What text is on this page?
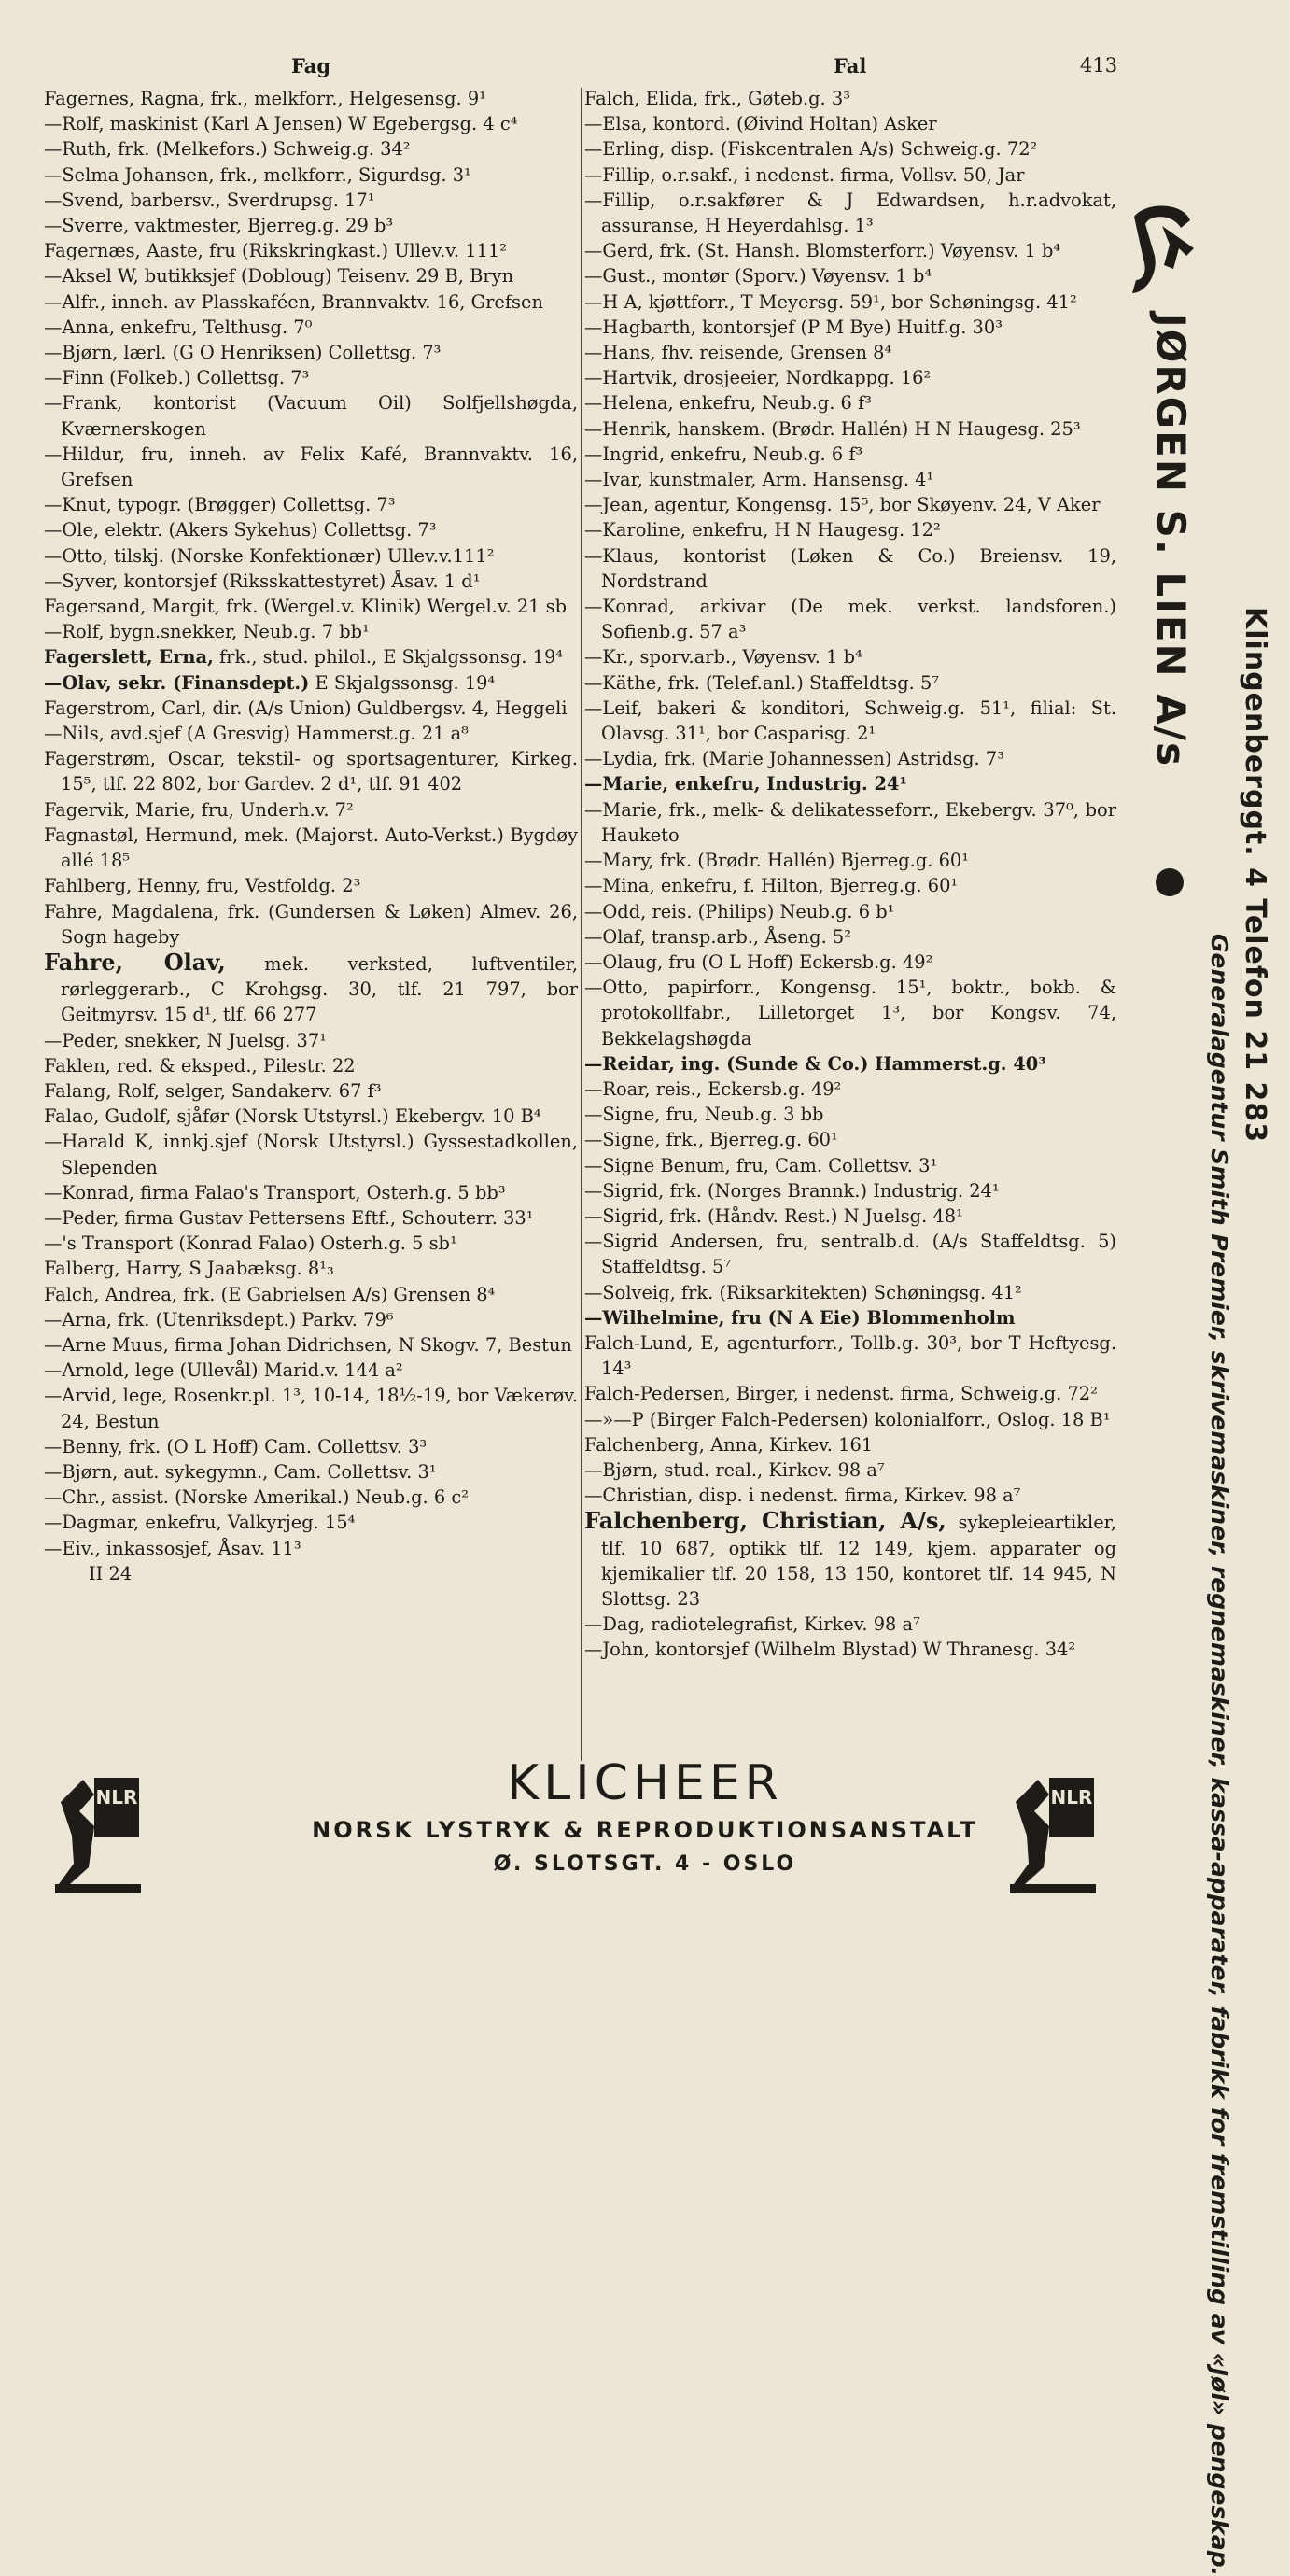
Fag	Fal	413
Fagernes, Ragna, frk., melkforr., Helgesensg. 9¹
—Rolf, maskinist (Karl A Jensen) W Egebergsg. 4 c⁴
—Ruth, frk. (Melkefors.) Schweig.g. 34²
—Selma Johansen, frk., melkforr., Sigurdsg. 3¹
—Svend, barbersv., Sverdrupsg. 17¹
—Sverre, vaktmester, Bjerreg.g. 29 b³
Fagernæs, Aaste, fru (Rikskringkast.) Ullev.v. 111²
—Aksel W, butikksjef (Dobloug) Teisenv. 29 B, Bryn
—Alfr., inneh. av Plasskaféen, Brannvaktv. 16, Grefsen
—Anna, enkefru, Telthusg. 7⁰
—Bjørn, lærl. (G O Henriksen) Collettsg. 7³
—Finn (Folkeb.) Collettsg. 7³
—Frank, kontorist (Vacuum Oil) Solfjellshøgda, Kværnerskogen
—Hildur, fru, inneh. av Felix Kafé, Brannvaktv. 16, Grefsen
—Knut, typogr. (Brøgger) Collettsg. 7³
—Ole, elektr. (Akers Sykehus) Collettsg. 7³
—Otto, tilskj. (Norske Konfektionær) Ullev.v.111²
—Syver, kontorsjef (Riksskattestyret) Åsav. 1 d¹
Fagersand, Margit, frk. (Wergel.v. Klinik) Wergel.v. 21 sb
—Rolf, bygn.snekker, Neub.g. 7 bb¹
Fagerslett, Erna, frk., stud. philol., E Skjalgssonsg. 19⁴
—Olav, sekr. (Finansdept.) E Skjalgssonsg. 19⁴
Fagerstrom, Carl, dir. (A/s Union) Guldbergsv. 4, Heggeli
—Nils, avd.sjef (A Gresvig) Hammerst.g. 21 a⁸
Fagerstrøm, Oscar, tekstil- og sportsagenturer, Kirkeg. 15⁵, tlf. 22 802, bor Gardev. 2 d¹, tlf. 91 402
Fagervik, Marie, fru, Underh.v. 7²
Fagnastøl, Hermund, mek. (Majorst. Auto-Verkst.) Bygdøy allé 18⁵
Fahlberg, Henny, fru, Vestfoldg. 2³
Fahre, Magdalena, frk. (Gundersen & Løken) Almev. 26, Sogn hageby
Fahre, Olav, mek. verksted, luftventiler, rørleggerarb., C Krohgsg. 30, tlf. 21 797, bor Geitmyrsv. 15 d¹, tlf. 66 277
—Peder, snekker, N Juelsg. 37¹
Faklen, red. & eksped., Pilestr. 22
Falang, Rolf, selger, Sandakerv. 67 f³
Falao, Gudolf, sjåfør (Norsk Utstyrsl.) Ekebergv. 10 B⁴
—Harald K, innkj.sjef (Norsk Utstyrsl.) Gyssestadkollen, Slependen
—Konrad, firma Falao's Transport, Osterh.g. 5 bb³
—Peder, firma Gustav Pettersens Eftf., Schouterr. 33¹
—'s Transport (Konrad Falao) Osterh.g. 5 sb¹
Falberg, Harry, S Jaabæksg. 8¹₃
Falch, Andrea, frk. (E Gabrielsen A/s) Grensen 8⁴
—Arna, frk. (Utenriksdept.) Parkv. 79⁶
—Arne Muus, firma Johan Didrichsen, N Skogv. 7, Bestun
—Arnold, lege (Ullevål) Marid.v. 144 a²
—Arvid, lege, Rosenkr.pl. 1³, 10-14, 18½-19, bor Vækerøv. 24, Bestun
—Benny, frk. (O L Hoff) Cam. Collettsv. 3³
—Bjørn, aut. sykegymn., Cam. Collettsv. 3¹
—Chr., assist. (Norske Amerikal.) Neub.g. 6 c²
—Dagmar, enkefru, Valkyrjeg. 15⁴
—Eiv., inkassosjef, Åsav. 11³
II 24
Falch, Elida, frk., Gøteb.g. 3³
—Elsa, kontord. (Øivind Holtan) Asker
—Erling, disp. (Fiskcentralen A/s) Schweig.g. 72²
—Fillip, o.r.sakf., i nedenst. firma, Vollsv. 50, Jar
—Fillip, o.r.sakfører & J Edwardsen, h.r.advokat, assuranse, H Heyerdahlsg. 1³
—Gerd, frk. (St. Hansh. Blomsterforr.) Vøyensv. 1 b⁴
—Gust., montør (Sporv.) Vøyensv. 1 b⁴
—H A, kjøttforr., T Meyersg. 59¹, bor Schøningsg. 41²
—Hagbarth, kontorsjef (P M Bye) Huitf.g. 30³
—Hans, fhv. reisende, Grensen 8⁴
—Hartvik, drosjeeier, Nordkappg. 16²
—Helena, enkefru, Neub.g. 6 f³
—Henrik, hanskem. (Brødr. Hallén) H N Haugesg. 25³
—Ingrid, enkefru, Neub.g. 6 f³
—Ivar, kunstmaler, Arm. Hansensg. 4¹
—Jean, agentur, Kongensg. 15⁵, bor Skøyenv. 24, V Aker
—Karoline, enkefru, H N Haugesg. 12²
—Klaus, kontorist (Løken & Co.) Breiensv. 19, Nordstrand
—Konrad, arkivar (De mek. verkst. landsforen.) Sofienb.g. 57 a³
—Kr., sporv.arb., Vøyensv. 1 b⁴
—Käthe, frk. (Telef.anl.) Staffeldtsg. 5⁷
—Leif, bakeri & konditori, Schweig.g. 51¹, filial: St. Olavsg. 31¹, bor Casparisg. 2¹
—Lydia, frk. (Marie Johannessen) Astridsg. 7³
—Marie, enkefru, Industrig. 24¹
—Marie, frk., melk- & delikatesseforr., Ekebergv. 37⁰, bor Hauketo
—Mary, frk. (Brødr. Hallén) Bjerreg.g. 60¹
—Mina, enkefru, f. Hilton, Bjerreg.g. 60¹
—Odd, reis. (Philips) Neub.g. 6 b¹
—Olaf, transp.arb., Åseng. 5²
—Olaug, fru (O L Hoff) Eckersb.g. 49²
—Otto, papirforr., Kongensg. 15¹, boktr., bokb. & protokollfabr., Lilletorget 1³, bor Kongsv. 74, Bekkelagshøgda
—Reidar, ing. (Sunde & Co.) Hammerst.g. 40³
—Roar, reis., Eckersb.g. 49²
—Signe, fru, Neub.g. 3 bb
—Signe, frk., Bjerreg.g. 60¹
—Signe Benum, fru, Cam. Collettsv. 3¹
—Sigrid, frk. (Norges Brannk.) Industrig. 24¹
—Sigrid, frk. (Håndv. Rest.) N Juelsg. 48¹
—Sigrid Andersen, fru, sentralb.d. (A/s Staffeldtsg. 5) Staffeldtsg. 5⁷
—Solveig, frk. (Riksarkitekten) Schøningsg. 41²
—Wilhelmine, fru (N A Eie) Blommenholm
Falch-Lund, E, agenturforr., Tollb.g. 30³, bor T Heftyesg. 14³
Falch-Pedersen, Birger, i nedenst. firma, Schweig.g. 72²
—»—P (Birger Falch-Pedersen) kolonialforr., Oslog. 18 B¹
Falchenberg, Anna, Kirkev. 161
—Bjørn, stud. real., Kirkev. 98 a⁷
—Christian, disp. i nedenst. firma, Kirkev. 98 a⁷
Falchenberg, Christian, A/s, sykepleieartikler, tlf. 10 687, optikk tlf. 12 149, kjem. apparater og kjemikalier tlf. 20 158, 13 150, kontoret tlf. 14 945, N Slottsg. 23
—Dag, radiotelegrafist, Kirkev. 98 a⁷
—John, kontorsjef (Wilhelm Blystad) W Thranesg. 34²
JØRGEN S. LIEN A/s
Klingenberggt. 4 Telefon 21 283
Generalagentur Smith Premier, skrivemaskiner, regnemaskiner, kassa-apparater, fabrikk for fremstilling av «Jøl» pengeskap.
NLR	KLICHEER
NORSK LYSTRYK & REPRODUKTIONSANSTALT
Ø. SLOTSGT. 4 - OSLO
NLR
